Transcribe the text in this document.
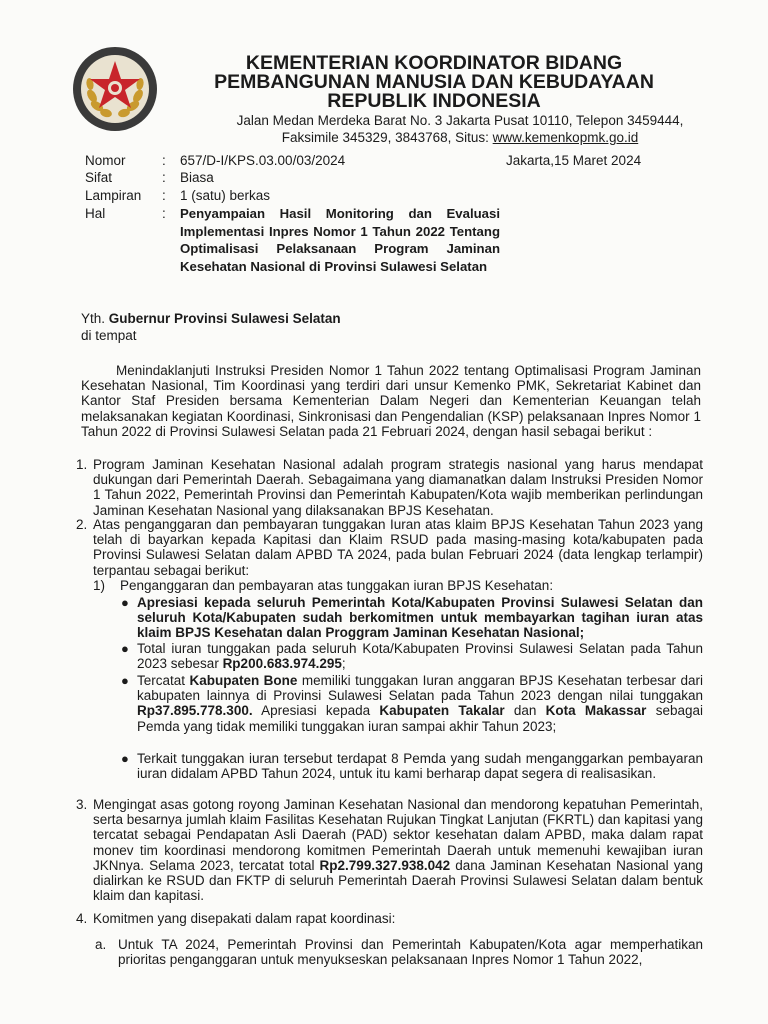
KEMENTERIAN KOORDINATOR BIDANG
PEMBANGUNAN MANUSIA DAN KEBUDAYAAN
REPUBLIK INDONESIA
Jalan Medan Merdeka Barat No. 3 Jakarta Pusat 10110, Telepon 3459444,
Faksimile 345329, 3843768, Situs: www.kemenkopmk.go.id
Nomor	: 657/D-I/KPS.03.00/03/2024	Jakarta,15 Maret 2024
Sifat	: Biasa
Lampiran : 1 (satu) berkas
Hal	: Penyampaian Hasil Monitoring dan Evaluasi Implementasi Inpres Nomor 1 Tahun 2022 Tentang Optimalisasi Pelaksanaan Program Jaminan Kesehatan Nasional di Provinsi Sulawesi Selatan
Yth. Gubernur Provinsi Sulawesi Selatan
di tempat
Menindaklanjuti Instruksi Presiden Nomor 1 Tahun 2022 tentang Optimalisasi Program Jaminan Kesehatan Nasional, Tim Koordinasi yang terdiri dari unsur Kemenko PMK, Sekretariat Kabinet dan Kantor Staf Presiden bersama Kementerian Dalam Negeri dan Kementerian Keuangan telah melaksanakan kegiatan Koordinasi, Sinkronisasi dan Pengendalian (KSP) pelaksanaan Inpres Nomor 1 Tahun 2022 di Provinsi Sulawesi Selatan pada 21 Februari 2024, dengan hasil sebagai berikut :
1. Program Jaminan Kesehatan Nasional adalah program strategis nasional yang harus mendapat dukungan dari Pemerintah Daerah. Sebagaimana yang diamanatkan dalam Instruksi Presiden Nomor 1 Tahun 2022, Pemerintah Provinsi dan Pemerintah Kabupaten/Kota wajib memberikan perlindungan Jaminan Kesehatan Nasional yang dilaksanakan BPJS Kesehatan.
2. Atas penganggaran dan pembayaran tunggakan Iuran atas klaim BPJS Kesehatan Tahun 2023 yang telah di bayarkan kepada Kapitasi dan Klaim RSUD pada masing-masing kota/kabupaten pada Provinsi Sulawesi Selatan dalam APBD TA 2024, pada bulan Februari 2024 (data lengkap terlampir) terpantau sebagai berikut:
1) Penganggaran dan pembayaran atas tunggakan iuran BPJS Kesehatan:
● Apresiasi kepada seluruh Pemerintah Kota/Kabupaten Provinsi Sulawesi Selatan dan seluruh Kota/Kabupaten sudah berkomitmen untuk membayarkan tagihan iuran atas klaim BPJS Kesehatan dalan Proggram Jaminan Kesehatan Nasional;
● Total iuran tunggakan pada seluruh Kota/Kabupaten Provinsi Sulawesi Selatan pada Tahun 2023 sebesar Rp200.683.974.295;
● Tercatat Kabupaten Bone memiliki tunggakan Iuran anggaran BPJS Kesehatan terbesar dari kabupaten lainnya di Provinsi Sulawesi Selatan pada Tahun 2023 dengan nilai tunggakan Rp37.895.778.300. Apresiasi kepada Kabupaten Takalar dan Kota Makassar sebagai Pemda yang tidak memiliki tunggakan iuran sampai akhir Tahun 2023;
● Terkait tunggakan iuran tersebut terdapat 8 Pemda yang sudah menganggarkan pembayaran iuran didalam APBD Tahun 2024, untuk itu kami berharap dapat segera di realisasikan.
3. Mengingat asas gotong royong Jaminan Kesehatan Nasional dan mendorong kepatuhan Pemerintah, serta besarnya jumlah klaim Fasilitas Kesehatan Rujukan Tingkat Lanjutan (FKRTL) dan kapitasi yang tercatat sebagai Pendapatan Asli Daerah (PAD) sektor kesehatan dalam APBD, maka dalam rapat monev tim koordinasi mendorong komitmen Pemerintah Daerah untuk memenuhi kewajiban iuran JKNnya. Selama 2023, tercatat total Rp2.799.327.938.042 dana Jaminan Kesehatan Nasional yang dialirkan ke RSUD dan FKTP di seluruh Pemerintah Daerah Provinsi Sulawesi Selatan dalam bentuk klaim dan kapitasi.
4. Komitmen yang disepakati dalam rapat koordinasi:
a. Untuk TA 2024, Pemerintah Provinsi dan Pemerintah Kabupaten/Kota agar memperhatikan prioritas penganggaran untuk menyukseskan pelaksanaan Inpres Nomor 1 Tahun 2022,
